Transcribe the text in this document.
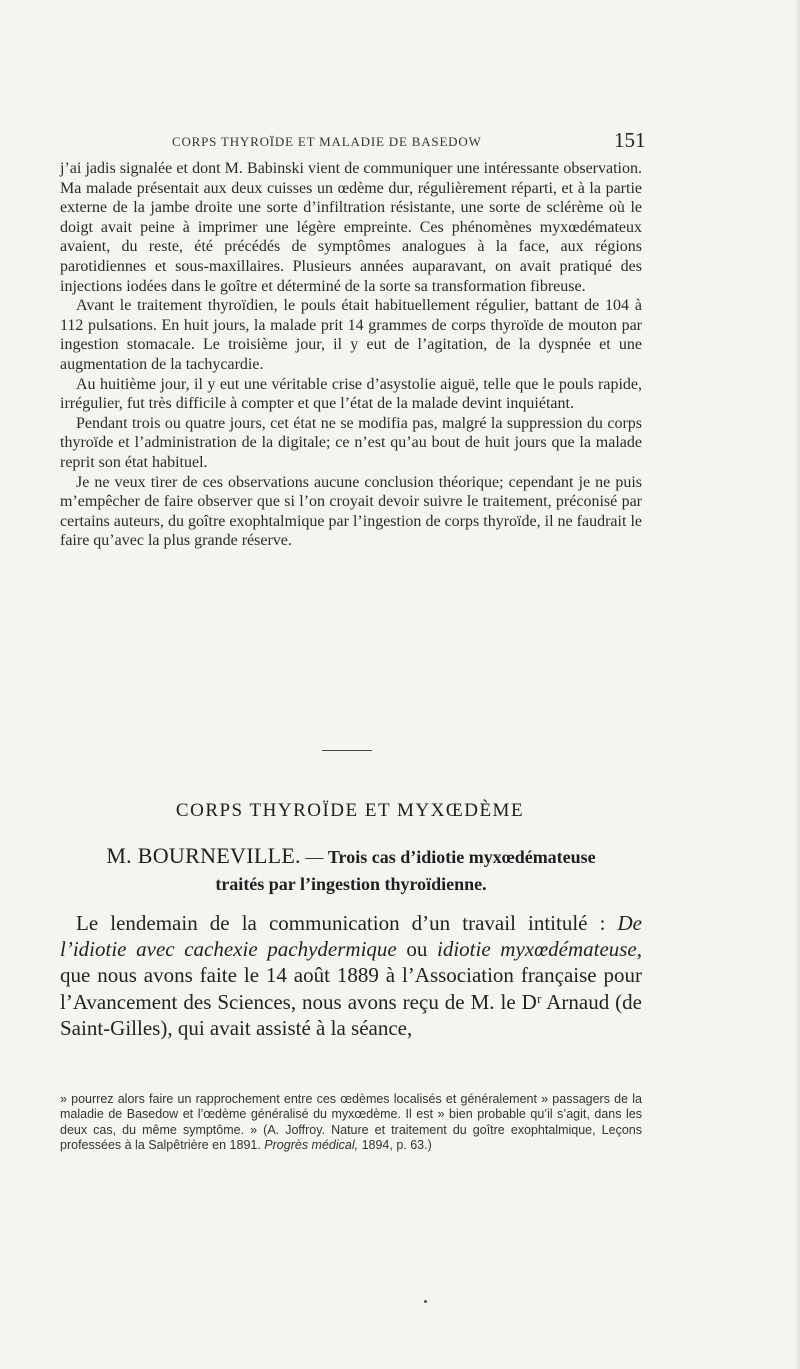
CORPS THYROÏDE ET MALADIE DE BASEDOW	151

j’ai jadis signalée et dont M. Babinski vient de communiquer une intéressante observation. Ma malade présentait aux deux cuisses un œdème dur, régulièrement réparti, et à la partie externe de la jambe droite une sorte d’infiltration résistante, une sorte de sclérème où le doigt avait peine à imprimer une légère empreinte. Ces phénomènes myxœdémateux avaient, du reste, été précédés de symptômes analogues à la face, aux régions parotidiennes et sous-maxillaires. Plusieurs années auparavant, on avait pratiqué des injections iodées dans le goître et déterminé de la sorte sa transformation fibreuse.

Avant le traitement thyroïdien, le pouls était habituellement régulier, battant de 104 à 112 pulsations. En huit jours, la malade prit 14 grammes de corps thyroïde de mouton par ingestion stomacale. Le troisième jour, il y eut de l’agitation, de la dyspnée et une augmentation de la tachycardie.

Au huitième jour, il y eut une véritable crise d’asystolie aiguë, telle que le pouls rapide, irrégulier, fut très difficile à compter et que l’état de la malade devint inquiétant.

Pendant trois ou quatre jours, cet état ne se modifia pas, malgré la suppression du corps thyroïde et l’administration de la digitale; ce n’est qu’au bout de huit jours que la malade reprit son état habituel.

Je ne veux tirer de ces observations aucune conclusion théorique; cependant je ne puis m’empêcher de faire observer que si l’on croyait devoir suivre le traitement, préconisé par certains auteurs, du goître exophtalmique par l’ingestion de corps thyroïde, il ne faudrait le faire qu’avec la plus grande réserve.

CORPS THYROÏDE ET MYXŒDÈME
M. BOURNEVILLE. — Trois cas d’idiotie myxœdémateuse
traités par l’ingestion thyroïdienne.

Le lendemain de la communication d’un travail intitulé : De l’idiotie avec cachexie pachydermique ou idiotie myxœdémateuse, que nous avons faite le 14 août 1889 à l’Association française pour l’Avancement des Sciences, nous avons reçu de M. le Dʳ Arnaud (de Saint-Gilles), qui avait assisté à la séance,

» pourrez alors faire un rapprochement entre ces œdèmes localisés et généralement » passagers de la maladie de Basedow et l’œdème généralisé du myxœdème. Il est » bien probable qu’il s’agit, dans les deux cas, du même symptôme. » (A. Joffroy. Nature et traitement du goître exophtalmique, Leçons professées à la Salpêtrière en 1891. Progrès médical, 1894, p. 63.)
